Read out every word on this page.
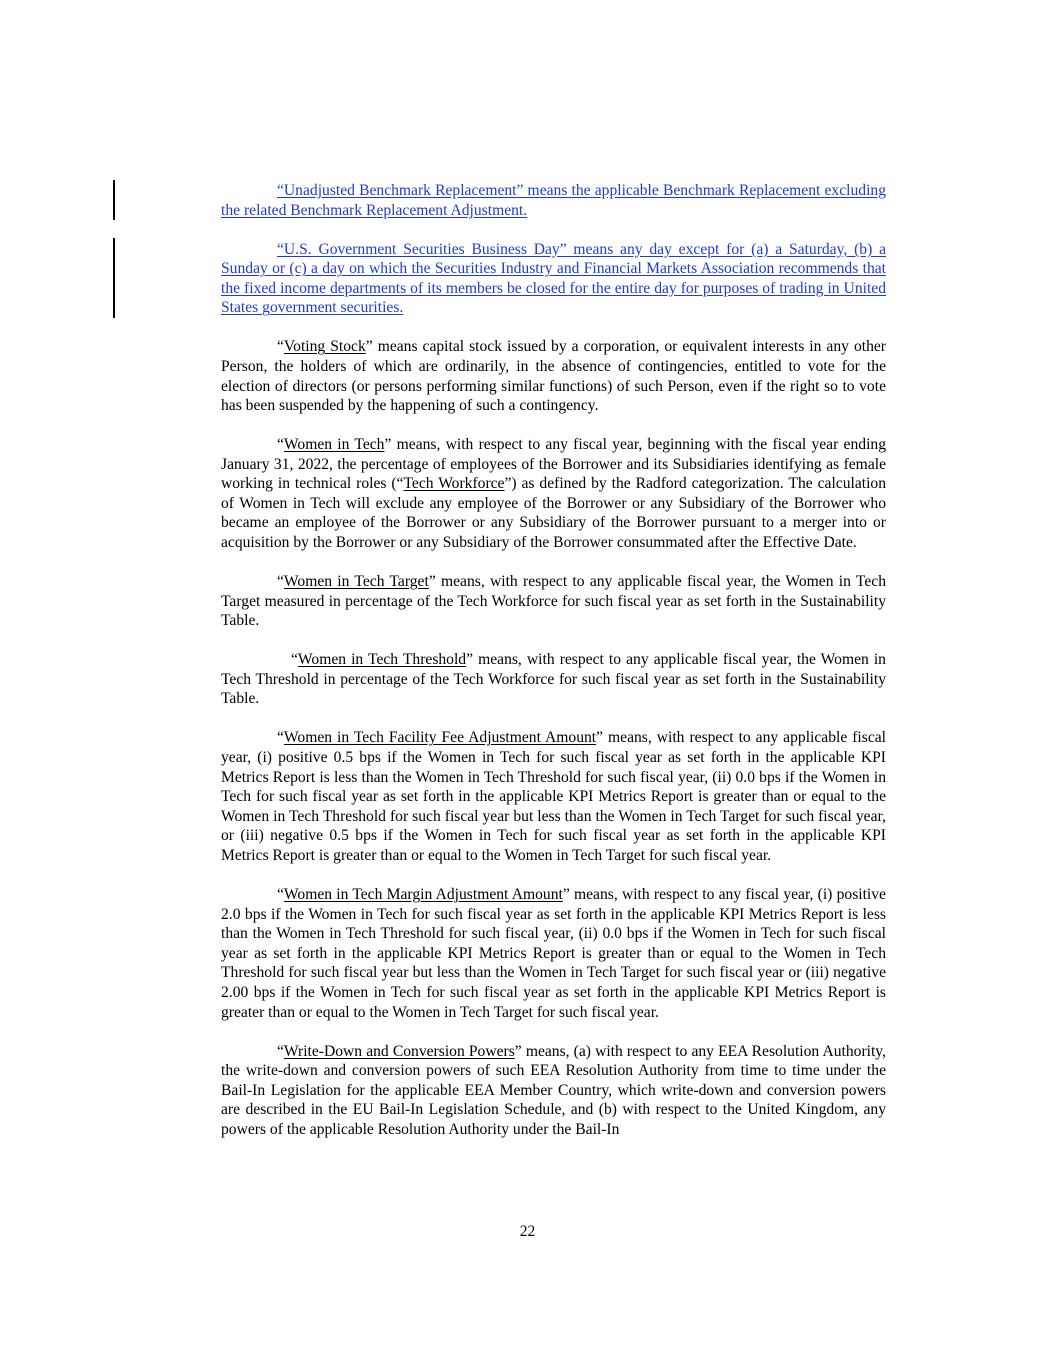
“Unadjusted Benchmark Replacement” means the applicable Benchmark Replacement excluding the related Benchmark Replacement Adjustment.

“U.S. Government Securities Business Day” means any day except for (a) a Saturday, (b) a Sunday or (c) a day on which the Securities Industry and Financial Markets Association recommends that the fixed income departments of its members be closed for the entire day for purposes of trading in United States government securities.

“Voting Stock” means capital stock issued by a corporation, or equivalent interests in any other Person, the holders of which are ordinarily, in the absence of contingencies, entitled to vote for the election of directors (or persons performing similar functions) of such Person, even if the right so to vote has been suspended by the happening of such a contingency.

“Women in Tech” means, with respect to any fiscal year, beginning with the fiscal year ending January 31, 2022, the percentage of employees of the Borrower and its Subsidiaries identifying as female working in technical roles (“Tech Workforce”) as defined by the Radford categorization. The calculation of Women in Tech will exclude any employee of the Borrower or any Subsidiary of the Borrower who became an employee of the Borrower or any Subsidiary of the Borrower pursuant to a merger into or acquisition by the Borrower or any Subsidiary of the Borrower consummated after the Effective Date.

“Women in Tech Target” means, with respect to any applicable fiscal year, the Women in Tech Target measured in percentage of the Tech Workforce for such fiscal year as set forth in the Sustainability Table.

“Women in Tech Threshold” means, with respect to any applicable fiscal year, the Women in Tech Threshold in percentage of the Tech Workforce for such fiscal year as set forth in the Sustainability Table.

“Women in Tech Facility Fee Adjustment Amount” means, with respect to any applicable fiscal year, (i) positive 0.5 bps if the Women in Tech for such fiscal year as set forth in the applicable KPI Metrics Report is less than the Women in Tech Threshold for such fiscal year, (ii) 0.0 bps if the Women in Tech for such fiscal year as set forth in the applicable KPI Metrics Report is greater than or equal to the Women in Tech Threshold for such fiscal year but less than the Women in Tech Target for such fiscal year, or (iii) negative 0.5 bps if the Women in Tech for such fiscal year as set forth in the applicable KPI Metrics Report is greater than or equal to the Women in Tech Target for such fiscal year.

“Women in Tech Margin Adjustment Amount” means, with respect to any fiscal year, (i) positive 2.0 bps if the Women in Tech for such fiscal year as set forth in the applicable KPI Metrics Report is less than the Women in Tech Threshold for such fiscal year, (ii) 0.0 bps if the Women in Tech for such fiscal year as set forth in the applicable KPI Metrics Report is greater than or equal to the Women in Tech Threshold for such fiscal year but less than the Women in Tech Target for such fiscal year or (iii) negative 2.00 bps if the Women in Tech for such fiscal year as set forth in the applicable KPI Metrics Report is greater than or equal to the Women in Tech Target for such fiscal year.

“Write-Down and Conversion Powers” means, (a) with respect to any EEA Resolution Authority, the write-down and conversion powers of such EEA Resolution Authority from time to time under the Bail-In Legislation for the applicable EEA Member Country, which write-down and conversion powers are described in the EU Bail-In Legislation Schedule, and (b) with respect to the United Kingdom, any powers of the applicable Resolution Authority under the Bail-In

22
